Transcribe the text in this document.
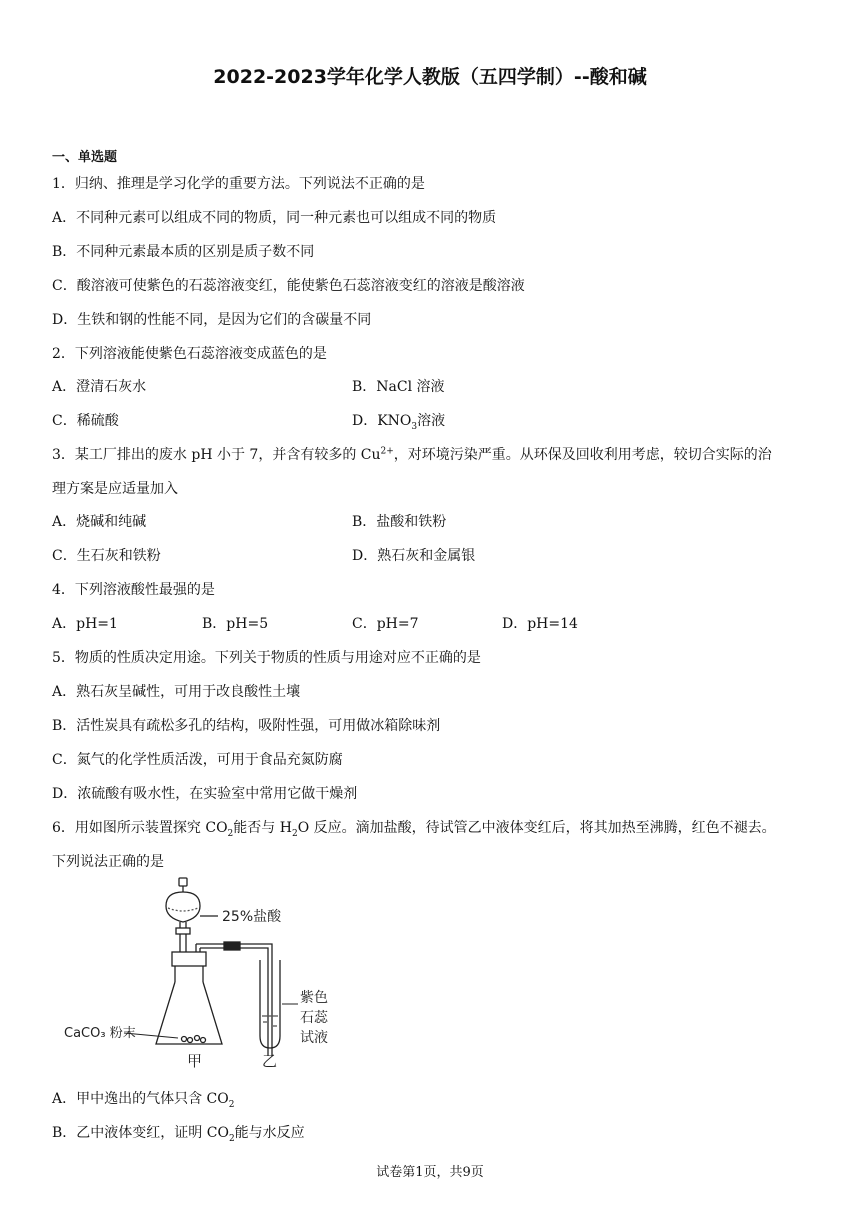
2022-2023学年化学人教版（五四学制）--酸和碱
一、单选题
1．归纳、推理是学习化学的重要方法。下列说法不正确的是
A．不同种元素可以组成不同的物质，同一种元素也可以组成不同的物质
B．不同种元素最本质的区别是质子数不同
C．酸溶液可使紫色的石蕊溶液变红，能使紫色石蕊溶液变红的溶液是酸溶液
D．生铁和钢的性能不同，是因为它们的含碳量不同
2．下列溶液能使紫色石蕊溶液变成蓝色的是
A．澄清石灰水	B．NaCl 溶液
C．稀硫酸	D．$KNO_3$溶液
3．某工厂排出的废水 pH 小于 7，并含有较多的 $Cu^{2+}$，对环境污染严重。从环保及回收利用考虑，较切合实际的治
理方案是应适量加入
A．烧碱和纯碱	B．盐酸和铁粉
C．生石灰和铁粉	D．熟石灰和金属银
4．下列溶液酸性最强的是
A．pH=1	B．pH=5	C．pH=7	D．pH=14
5．物质的性质决定用途。下列关于物质的性质与用途对应不正确的是
A．熟石灰呈碱性，可用于改良酸性土壤
B．活性炭具有疏松多孔的结构，吸附性强，可用做冰箱除味剂
C．氮气的化学性质活泼，可用于食品充氮防腐
D．浓硫酸有吸水性，在实验室中常用它做干燥剂
6．用如图所示装置探究 $CO_2$能否与 $H_2O$ 反应。滴加盐酸，待试管乙中液体变红后，将其加热至沸腾，红色不褪去。
下列说法正确的是
25%盐酸
CaCO₃ 粉末
甲	乙
紫色
石蕊
试液
A．甲中逸出的气体只含 $CO_2$
B．乙中液体变红，证明 $CO_2$能与水反应
试卷第1页，共9页
